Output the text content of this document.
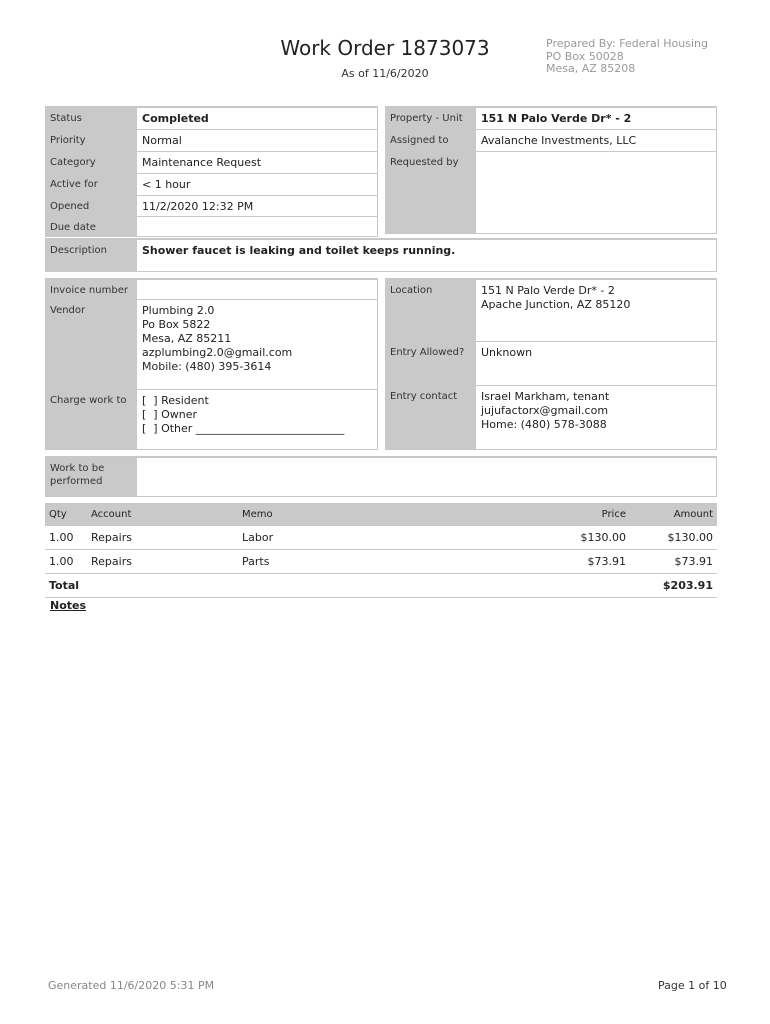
Work Order 1873073
As of 11/6/2020
Prepared By: Federal Housing
PO Box 50028
Mesa, AZ 85208
Status	Completed
Priority	Normal
Category	Maintenance Request
Active for	< 1 hour
Opened	11/2/2020 12:32 PM
Due date	
Property - Unit	151 N Palo Verde Dr* - 2
Assigned to	Avalanche Investments, LLC
Requested by	
Description	Shower faucet is leaking and toilet keeps running.
Invoice number	
Vendor	Plumbing 2.0
Po Box 5822
Mesa, AZ 85211
azplumbing2.0@gmail.com
Mobile: (480) 395-3614

Charge work to	[  ] Resident
[  ] Owner
[  ] Other ___________________________
Location	151 N Palo Verde Dr* - 2
Apache Junction, AZ 85120

Entry Allowed?	Unknown
Entry contact	Israel Markham, tenant
jujufactorx@gmail.com
Home: (480) 578-3088
Work to be
performed

Qty	Account	Memo	Price	Amount
1.00	Repairs	Labor	$130.00	$130.00
1.00	Repairs	Parts	$73.91	$73.91
Total				$203.91
Notes
Generated 11/6/2020 5:31 PM	Page 1 of 10
